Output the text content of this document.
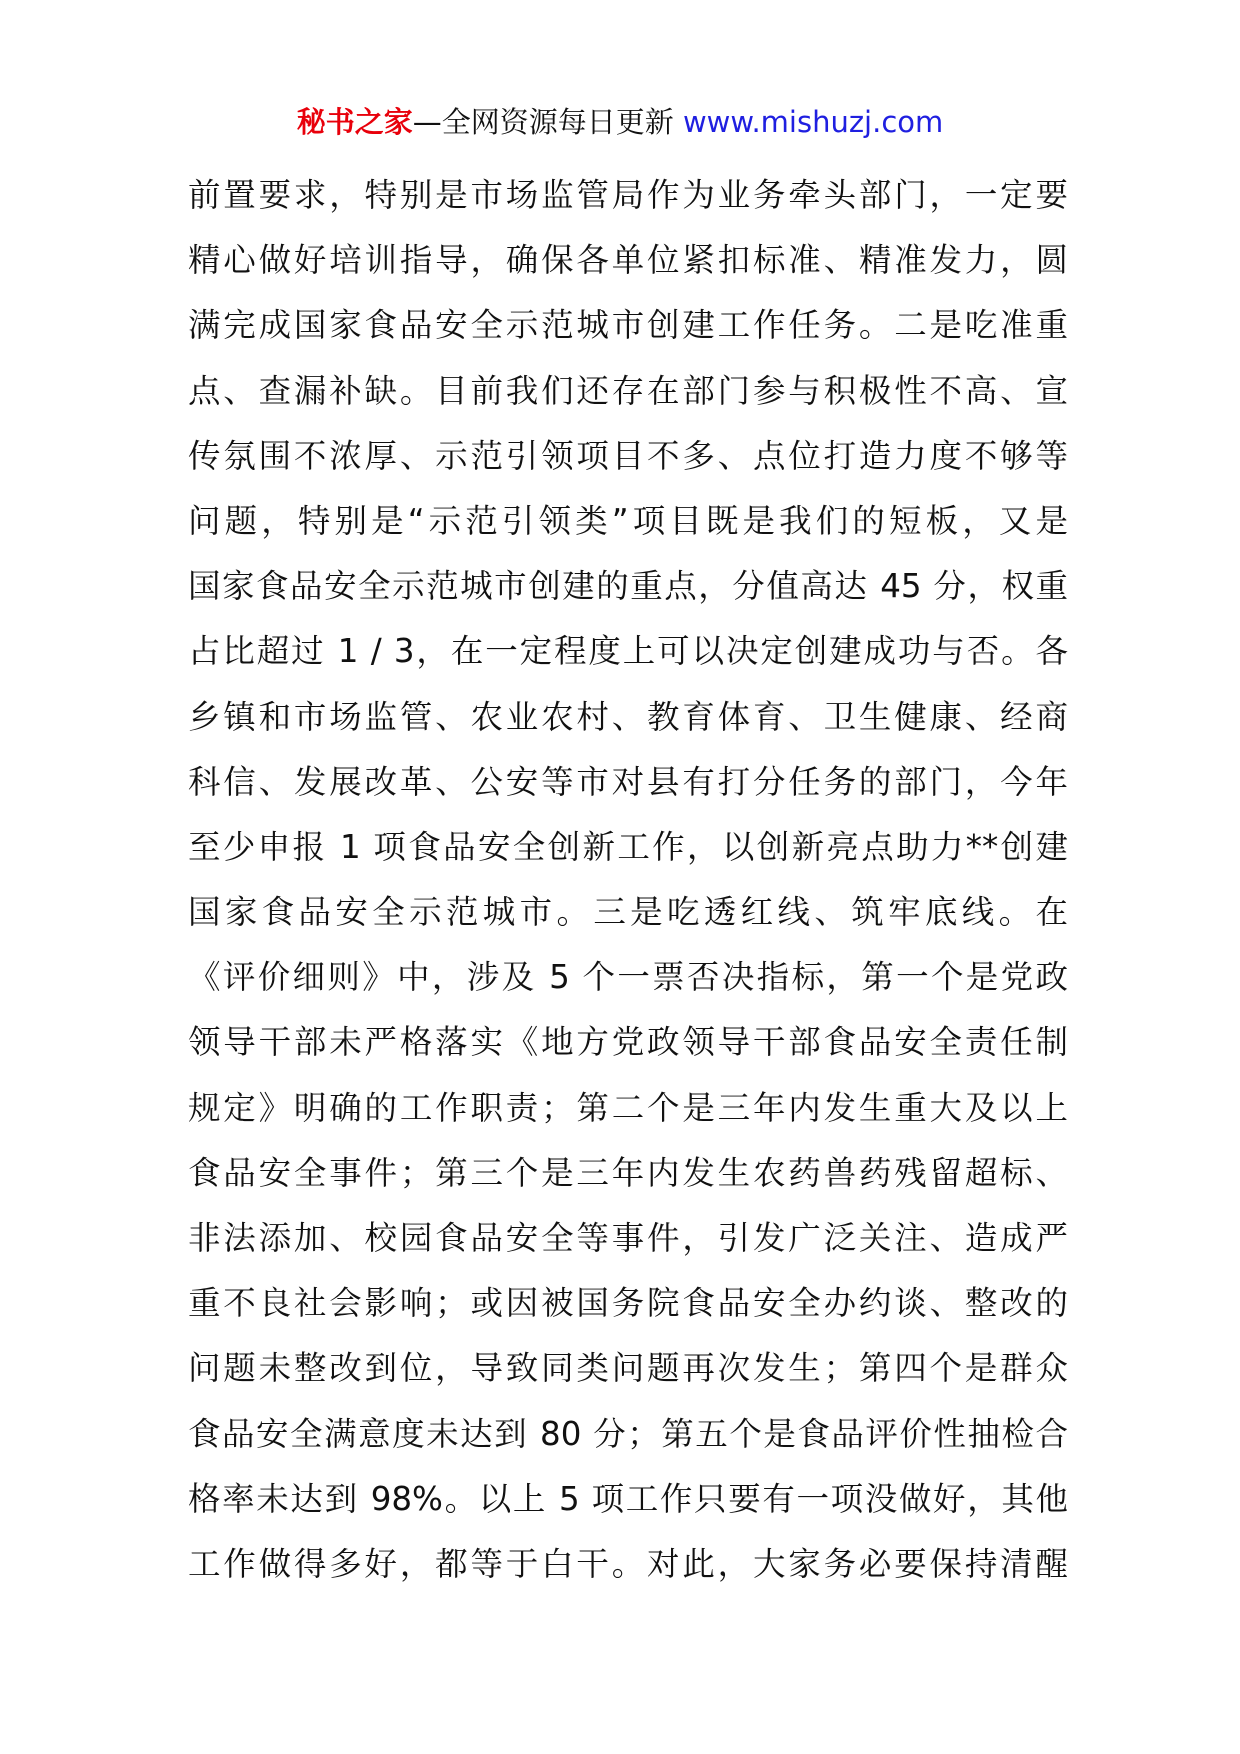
秘书之家—全网资源每日更新 www.mishuzj.com
前置要求，特别是市场监管局作为业务牵头部门，一定要
精心做好培训指导，确保各单位紧扣标准、精准发力，圆
满完成国家食品安全示范城市创建工作任务。二是吃准重
点、查漏补缺。目前我们还存在部门参与积极性不高、宣
传氛围不浓厚、示范引领项目不多、点位打造力度不够等
问题，特别是“示范引领类”项目既是我们的短板，又是
国家食品安全示范城市创建的重点，分值高达 45 分，权重
占比超过 1 / 3，在一定程度上可以决定创建成功与否。各
乡镇和市场监管、农业农村、教育体育、卫生健康、经商
科信、发展改革、公安等市对县有打分任务的部门，今年
至少申报 1 项食品安全创新工作，以创新亮点助力**创建
国家食品安全示范城市。三是吃透红线、筑牢底线。在
《评价细则》中，涉及 5 个一票否决指标，第一个是党政
领导干部未严格落实《地方党政领导干部食品安全责任制
规定》明确的工作职责；第二个是三年内发生重大及以上
食品安全事件；第三个是三年内发生农药兽药残留超标、
非法添加、校园食品安全等事件，引发广泛关注、造成严
重不良社会影响；或因被国务院食品安全办约谈、整改的
问题未整改到位，导致同类问题再次发生；第四个是群众
食品安全满意度未达到 80 分；第五个是食品评价性抽检合
格率未达到 98%。以上 5 项工作只要有一项没做好，其他
工作做得多好，都等于白干。对此，大家务必要保持清醒
